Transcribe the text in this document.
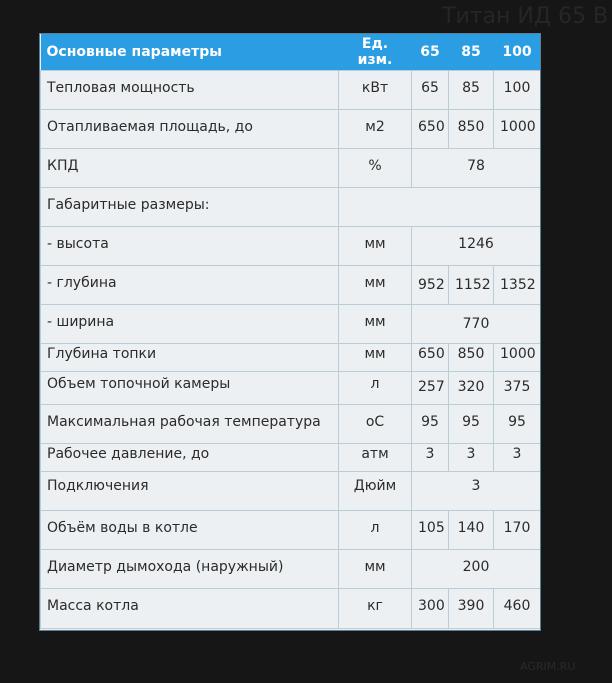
Титан ИД 65 В
AGRIM.RU
Основные параметры	Ед. изм.	65	85	100
Тепловая мощность	кВт	65	85	100
Отапливаемая площадь, до	м2	650	850	1000
КПД	%	78		
Габаритные размеры:				
- высота	мм	1246		
- глубина	мм	952	1152	1352
- ширина	мм	770		
Глубина топки	мм	650	850	1000
Объем топочной камеры	л	257	320	375
Максимальная рабочая температура	оС	95	95	95
Рабочее давление, до	атм	3	3	3
Подключения	Дюйм	3		
Объём воды в котле	л	105	140	170
Диаметр дымохода (наружный)	мм	200		
Масса котла	кг	300	390	460
